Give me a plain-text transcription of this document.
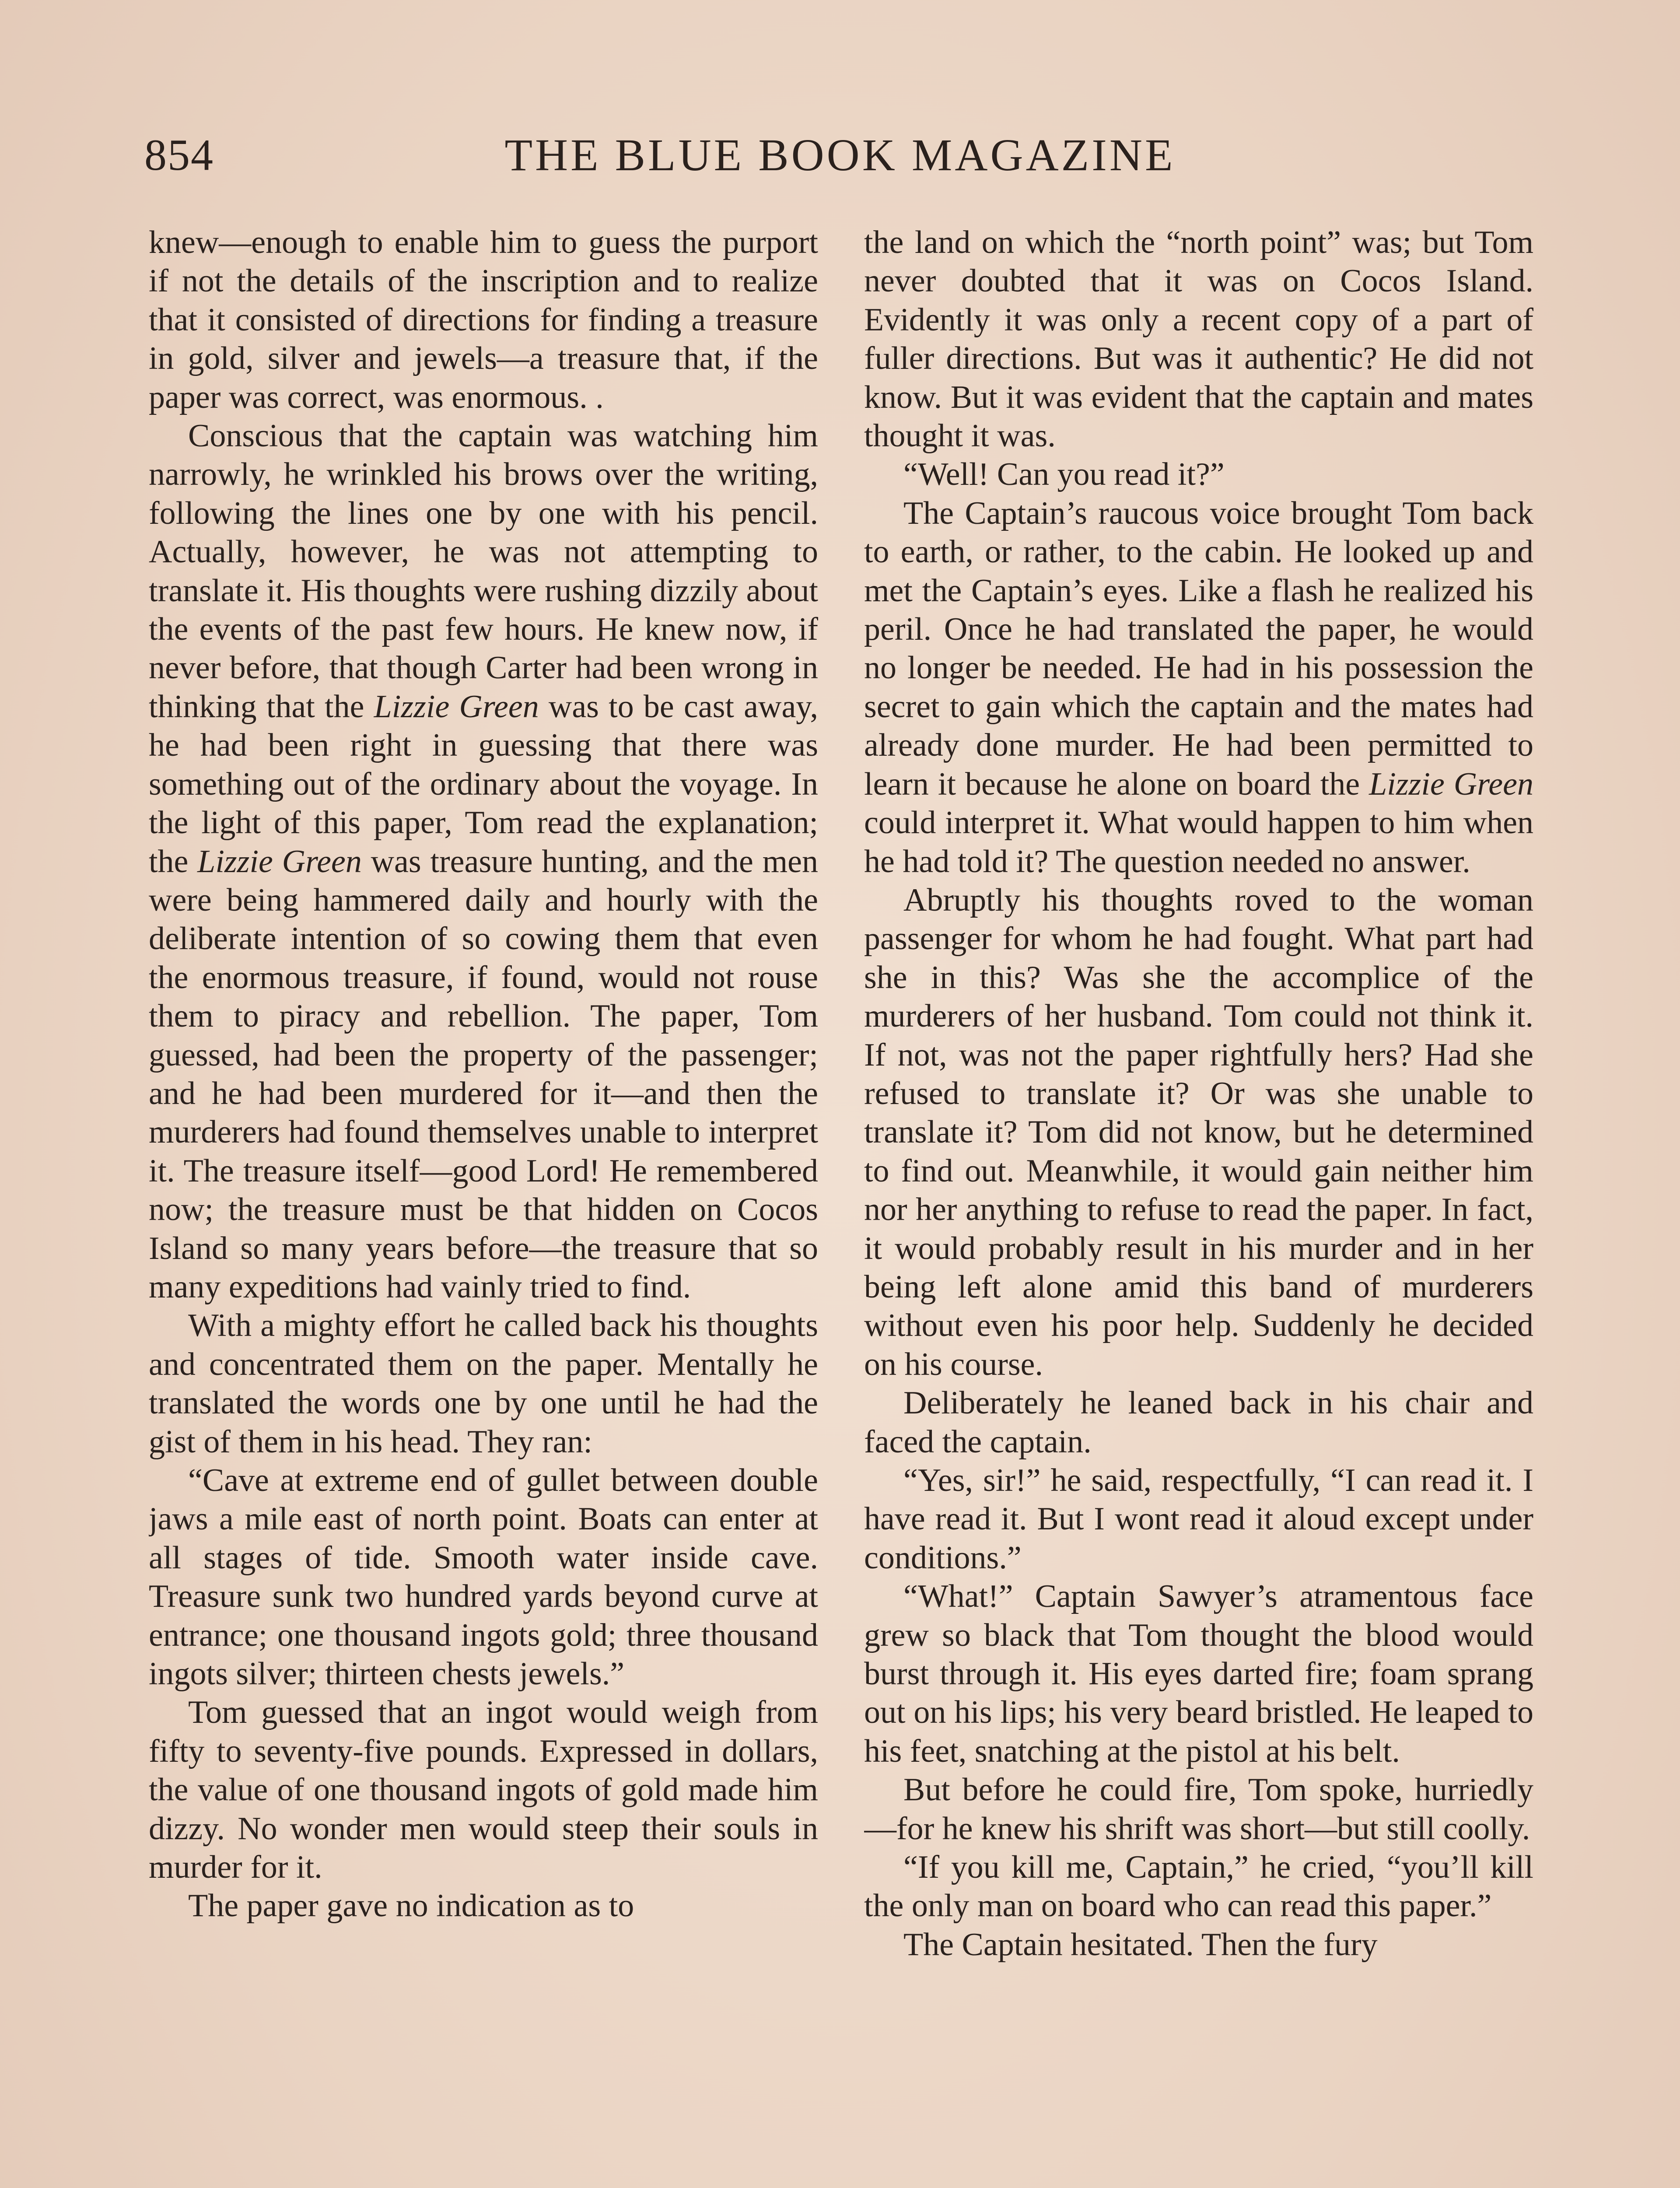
854	THE BLUE BOOK MAGAZINE

knew—enough to enable him to guess the purport if not the details of the inscription and to realize that it consisted of directions for finding a treasure in gold, silver and jewels—a treasure that, if the paper was correct, was enormous. .

Conscious that the captain was watching him narrowly, he wrinkled his brows over the writing, following the lines one by one with his pencil. Actually, however, he was not attempting to translate it. His thoughts were rushing dizzily about the events of the past few hours. He knew now, if never before, that though Carter had been wrong in thinking that the Lizzie Green was to be cast away, he had been right in guessing that there was something out of the ordinary about the voyage. In the light of this paper, Tom read the explanation; the Lizzie Green was treasure hunting, and the men were being hammered daily and hourly with the deliberate intention of so cowing them that even the enormous treasure, if found, would not rouse them to piracy and rebellion. The paper, Tom guessed, had been the property of the passenger; and he had been murdered for it—and then the murderers had found themselves unable to interpret it. The treasure itself—good Lord! He remembered now; the treasure must be that hidden on Cocos Island so many years before—the treasure that so many expeditions had vainly tried to find.

With a mighty effort he called back his thoughts and concentrated them on the paper. Mentally he translated the words one by one until he had the gist of them in his head. They ran:

“Cave at extreme end of gullet between double jaws a mile east of north point. Boats can enter at all stages of tide. Smooth water inside cave. Treasure sunk two hundred yards beyond curve at entrance; one thousand ingots gold; three thousand ingots silver; thirteen chests jewels.”

Tom guessed that an ingot would weigh from fifty to seventy-five pounds. Expressed in dollars, the value of one thousand ingots of gold made him dizzy. No wonder men would steep their souls in murder for it.

The paper gave no indication as to

the land on which the “north point” was; but Tom never doubted that it was on Cocos Island. Evidently it was only a recent copy of a part of fuller directions. But was it authentic? He did not know. But it was evident that the captain and mates thought it was.

“Well! Can you read it?”

The Captain’s raucous voice brought Tom back to earth, or rather, to the cabin. He looked up and met the Captain’s eyes. Like a flash he realized his peril. Once he had translated the paper, he would no longer be needed. He had in his possession the secret to gain which the captain and the mates had already done murder. He had been permitted to learn it because he alone on board the Lizzie Green could interpret it. What would happen to him when he had told it? The question needed no answer.

Abruptly his thoughts roved to the woman passenger for whom he had fought. What part had she in this? Was she the accomplice of the murderers of her husband. Tom could not think it. If not, was not the paper rightfully hers? Had she refused to translate it? Or was she unable to translate it? Tom did not know, but he determined to find out. Meanwhile, it would gain neither him nor her anything to refuse to read the paper. In fact, it would probably result in his murder and in her being left alone amid this band of murderers without even his poor help. Suddenly he decided on his course.

Deliberately he leaned back in his chair and faced the captain.

“Yes, sir!” he said, respectfully, “I can read it. I have read it. But I wont read it aloud except under conditions.”

“What!” Captain Sawyer’s atramentous face grew so black that Tom thought the blood would burst through it. His eyes darted fire; foam sprang out on his lips; his very beard bristled. He leaped to his feet, snatching at the pistol at his belt.

But before he could fire, Tom spoke, hurriedly—for he knew his shrift was short—but still coolly.

“If you kill me, Captain,” he cried, “you’ll kill the only man on board who can read this paper.”

The Captain hesitated. Then the fury
